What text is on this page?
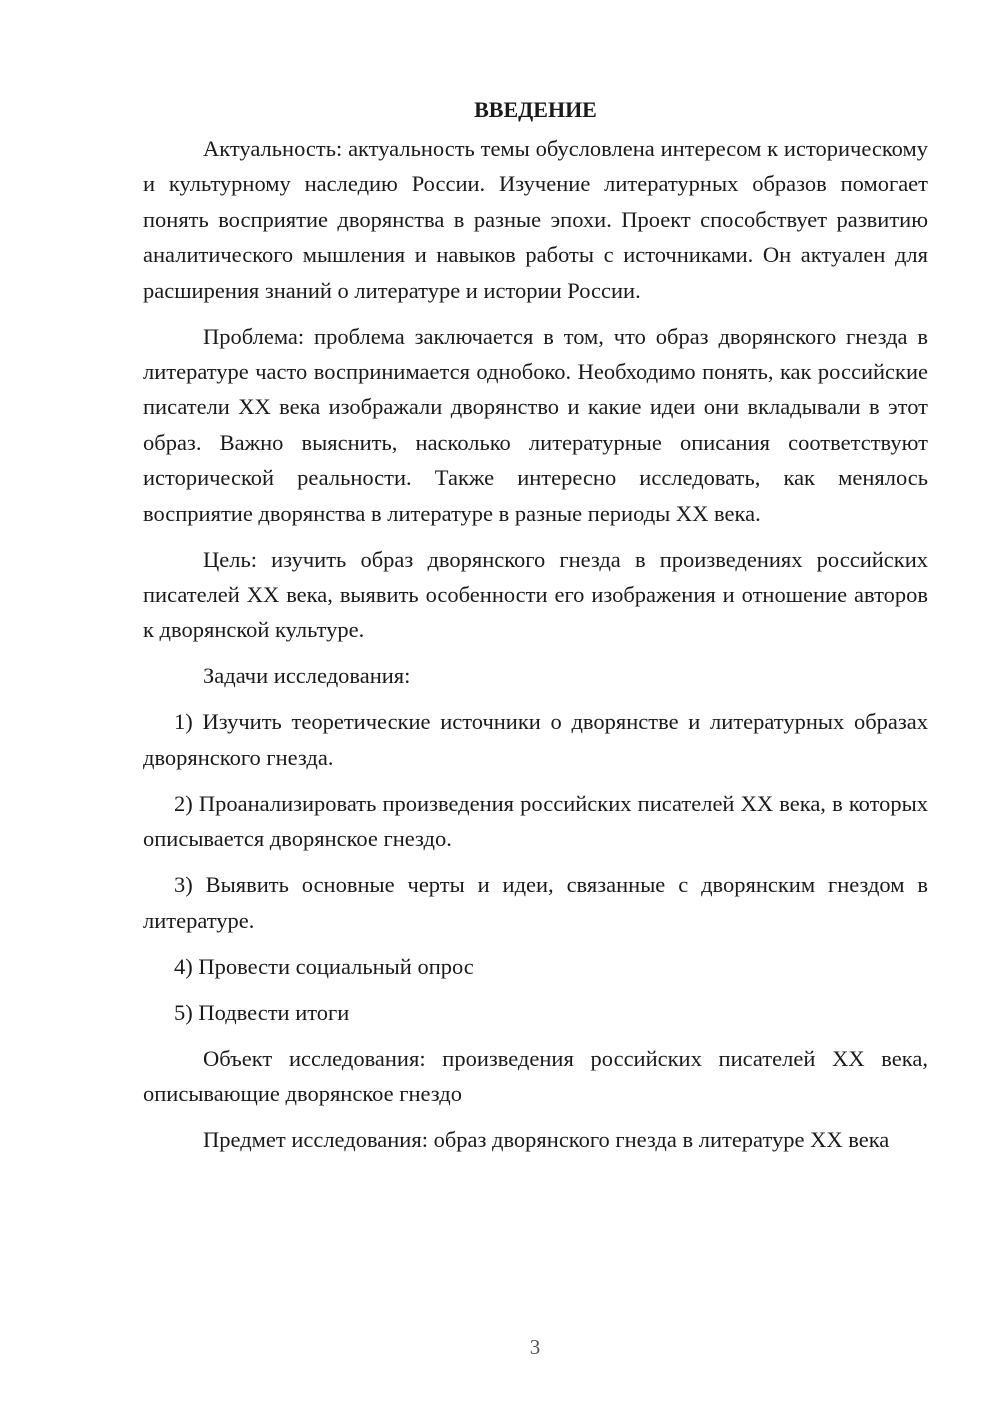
ВВЕДЕНИЕ

Актуальность: актуальность темы обусловлена интересом к историческому и культурному наследию России. Изучение литературных образов помогает понять восприятие дворянства в разные эпохи. Проект способствует развитию аналитического мышления и навыков работы с источниками. Он актуален для расширения знаний о литературе и истории России.

Проблема: проблема заключается в том, что образ дворянского гнезда в литературе часто воспринимается однобоко. Необходимо понять, как российские писатели XX века изображали дворянство и какие идеи они вкладывали в этот образ. Важно выяснить, насколько литературные описания соответствуют исторической реальности. Также интересно исследовать, как менялось восприятие дворянства в литературе в разные периоды XX века.

Цель: изучить образ дворянского гнезда в произведениях российских писателей XX века, выявить особенности его изображения и отношение авторов к дворянской культуре.

Задачи исследования:

1) Изучить теоретические источники о дворянстве и литературных образах дворянского гнезда.

2) Проанализировать произведения российских писателей XX века, в которых описывается дворянское гнездо.

3) Выявить основные черты и идеи, связанные с дворянским гнездом в литературе.

4) Провести социальный опрос

5) Подвести итоги

Объект исследования: произведения российских писателей XX века, описывающие дворянское гнездо

Предмет исследования: образ дворянского гнезда в литературе XX века

3
